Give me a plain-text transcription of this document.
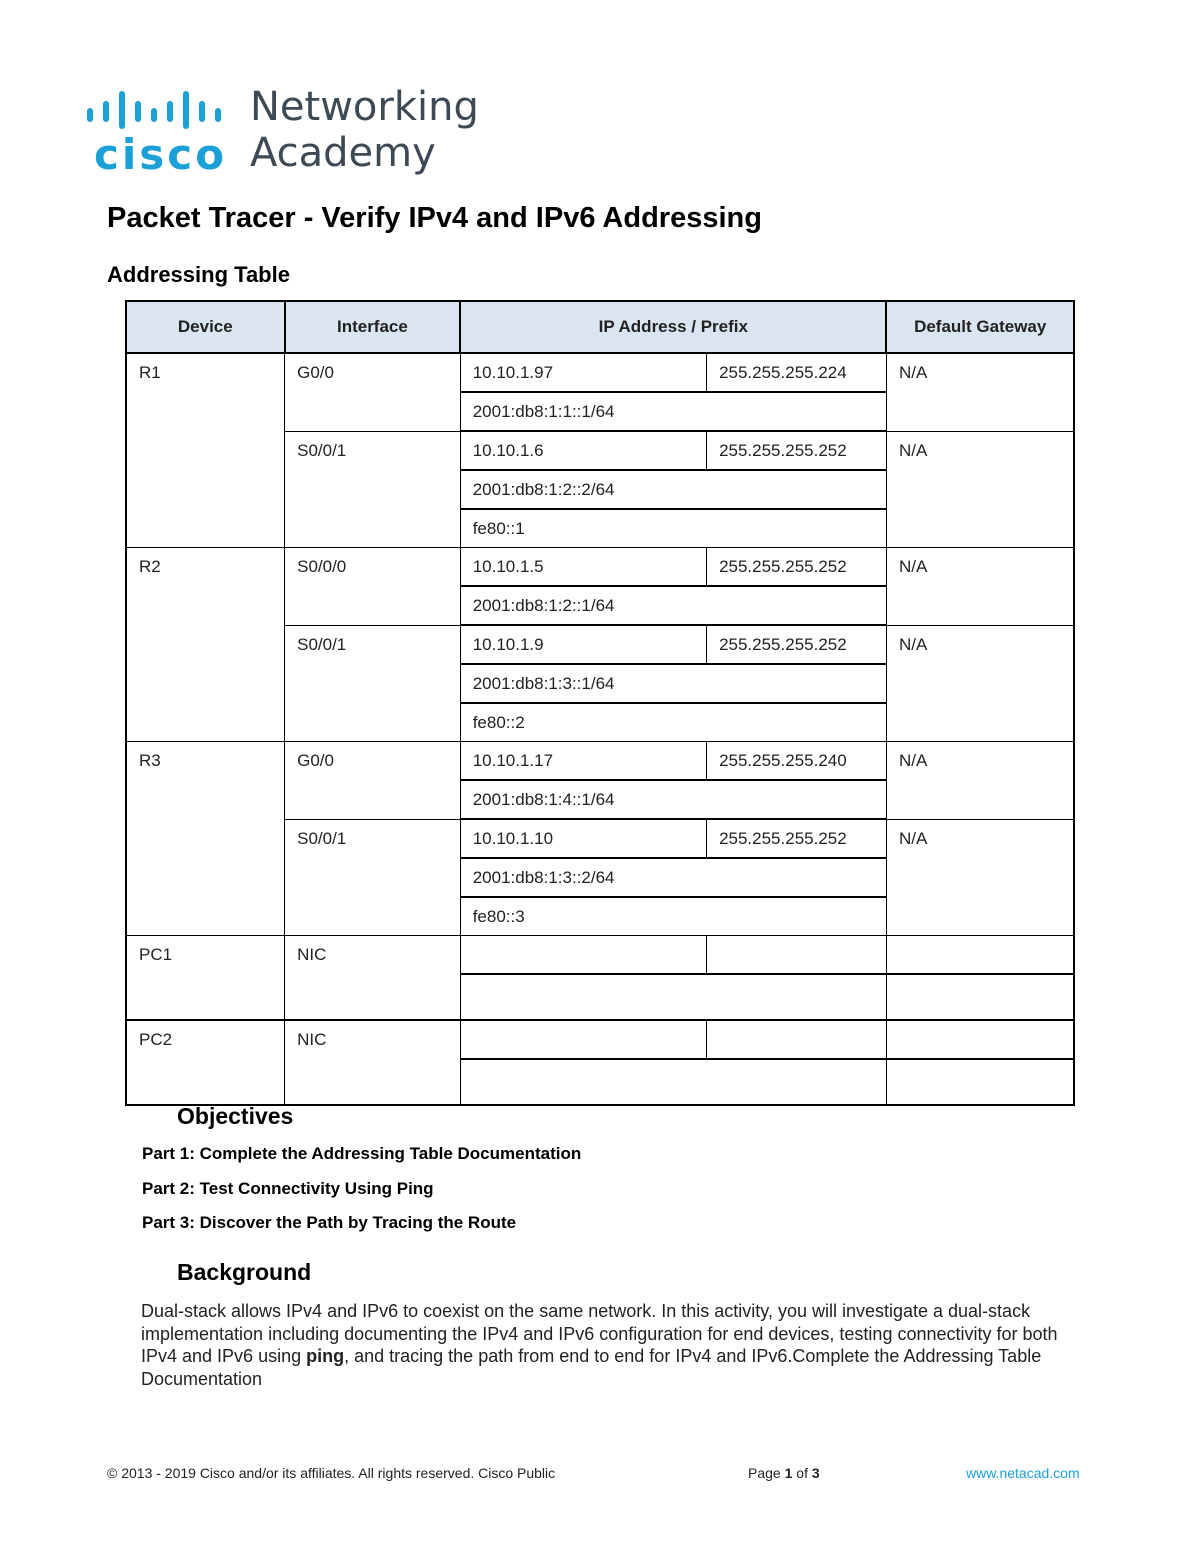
cisco
Networking
Academy
Packet Tracer - Verify IPv4 and IPv6 Addressing
Addressing Table
Device	Interface	IP Address / Prefix		Default Gateway
R1	G0/0	10.10.1.97	255.255.255.224	N/A
		2001:db8:1:1::1/64		
	S0/0/1	10.10.1.6	255.255.255.252	N/A
		2001:db8:1:2::2/64		
		fe80::1		
R2	S0/0/0	10.10.1.5	255.255.255.252	N/A
		2001:db8:1:2::1/64		
	S0/0/1	10.10.1.9	255.255.255.252	N/A
		2001:db8:1:3::1/64		
		fe80::2		
R3	G0/0	10.10.1.17	255.255.255.240	N/A
		2001:db8:1:4::1/64		
	S0/0/1	10.10.1.10	255.255.255.252	N/A
		2001:db8:1:3::2/64		
		fe80::3		
PC1	NIC			

PC2	NIC			

Objectives

Part 1: Complete the Addressing Table Documentation

Part 2: Test Connectivity Using Ping

Part 3: Discover the Path by Tracing the Route

Background

Dual-stack allows IPv4 and IPv6 to coexist on the same network. In this activity, you will investigate a dual-stack implementation including documenting the IPv4 and IPv6 configuration for end devices, testing connectivity for both IPv4 and IPv6 using ping, and tracing the path from end to end for IPv4 and IPv6.Complete the Addressing Table Documentation

© 2013 - 2019 Cisco and/or its affiliates. All rights reserved. Cisco Public	Page 1 of 3	www.netacad.com
